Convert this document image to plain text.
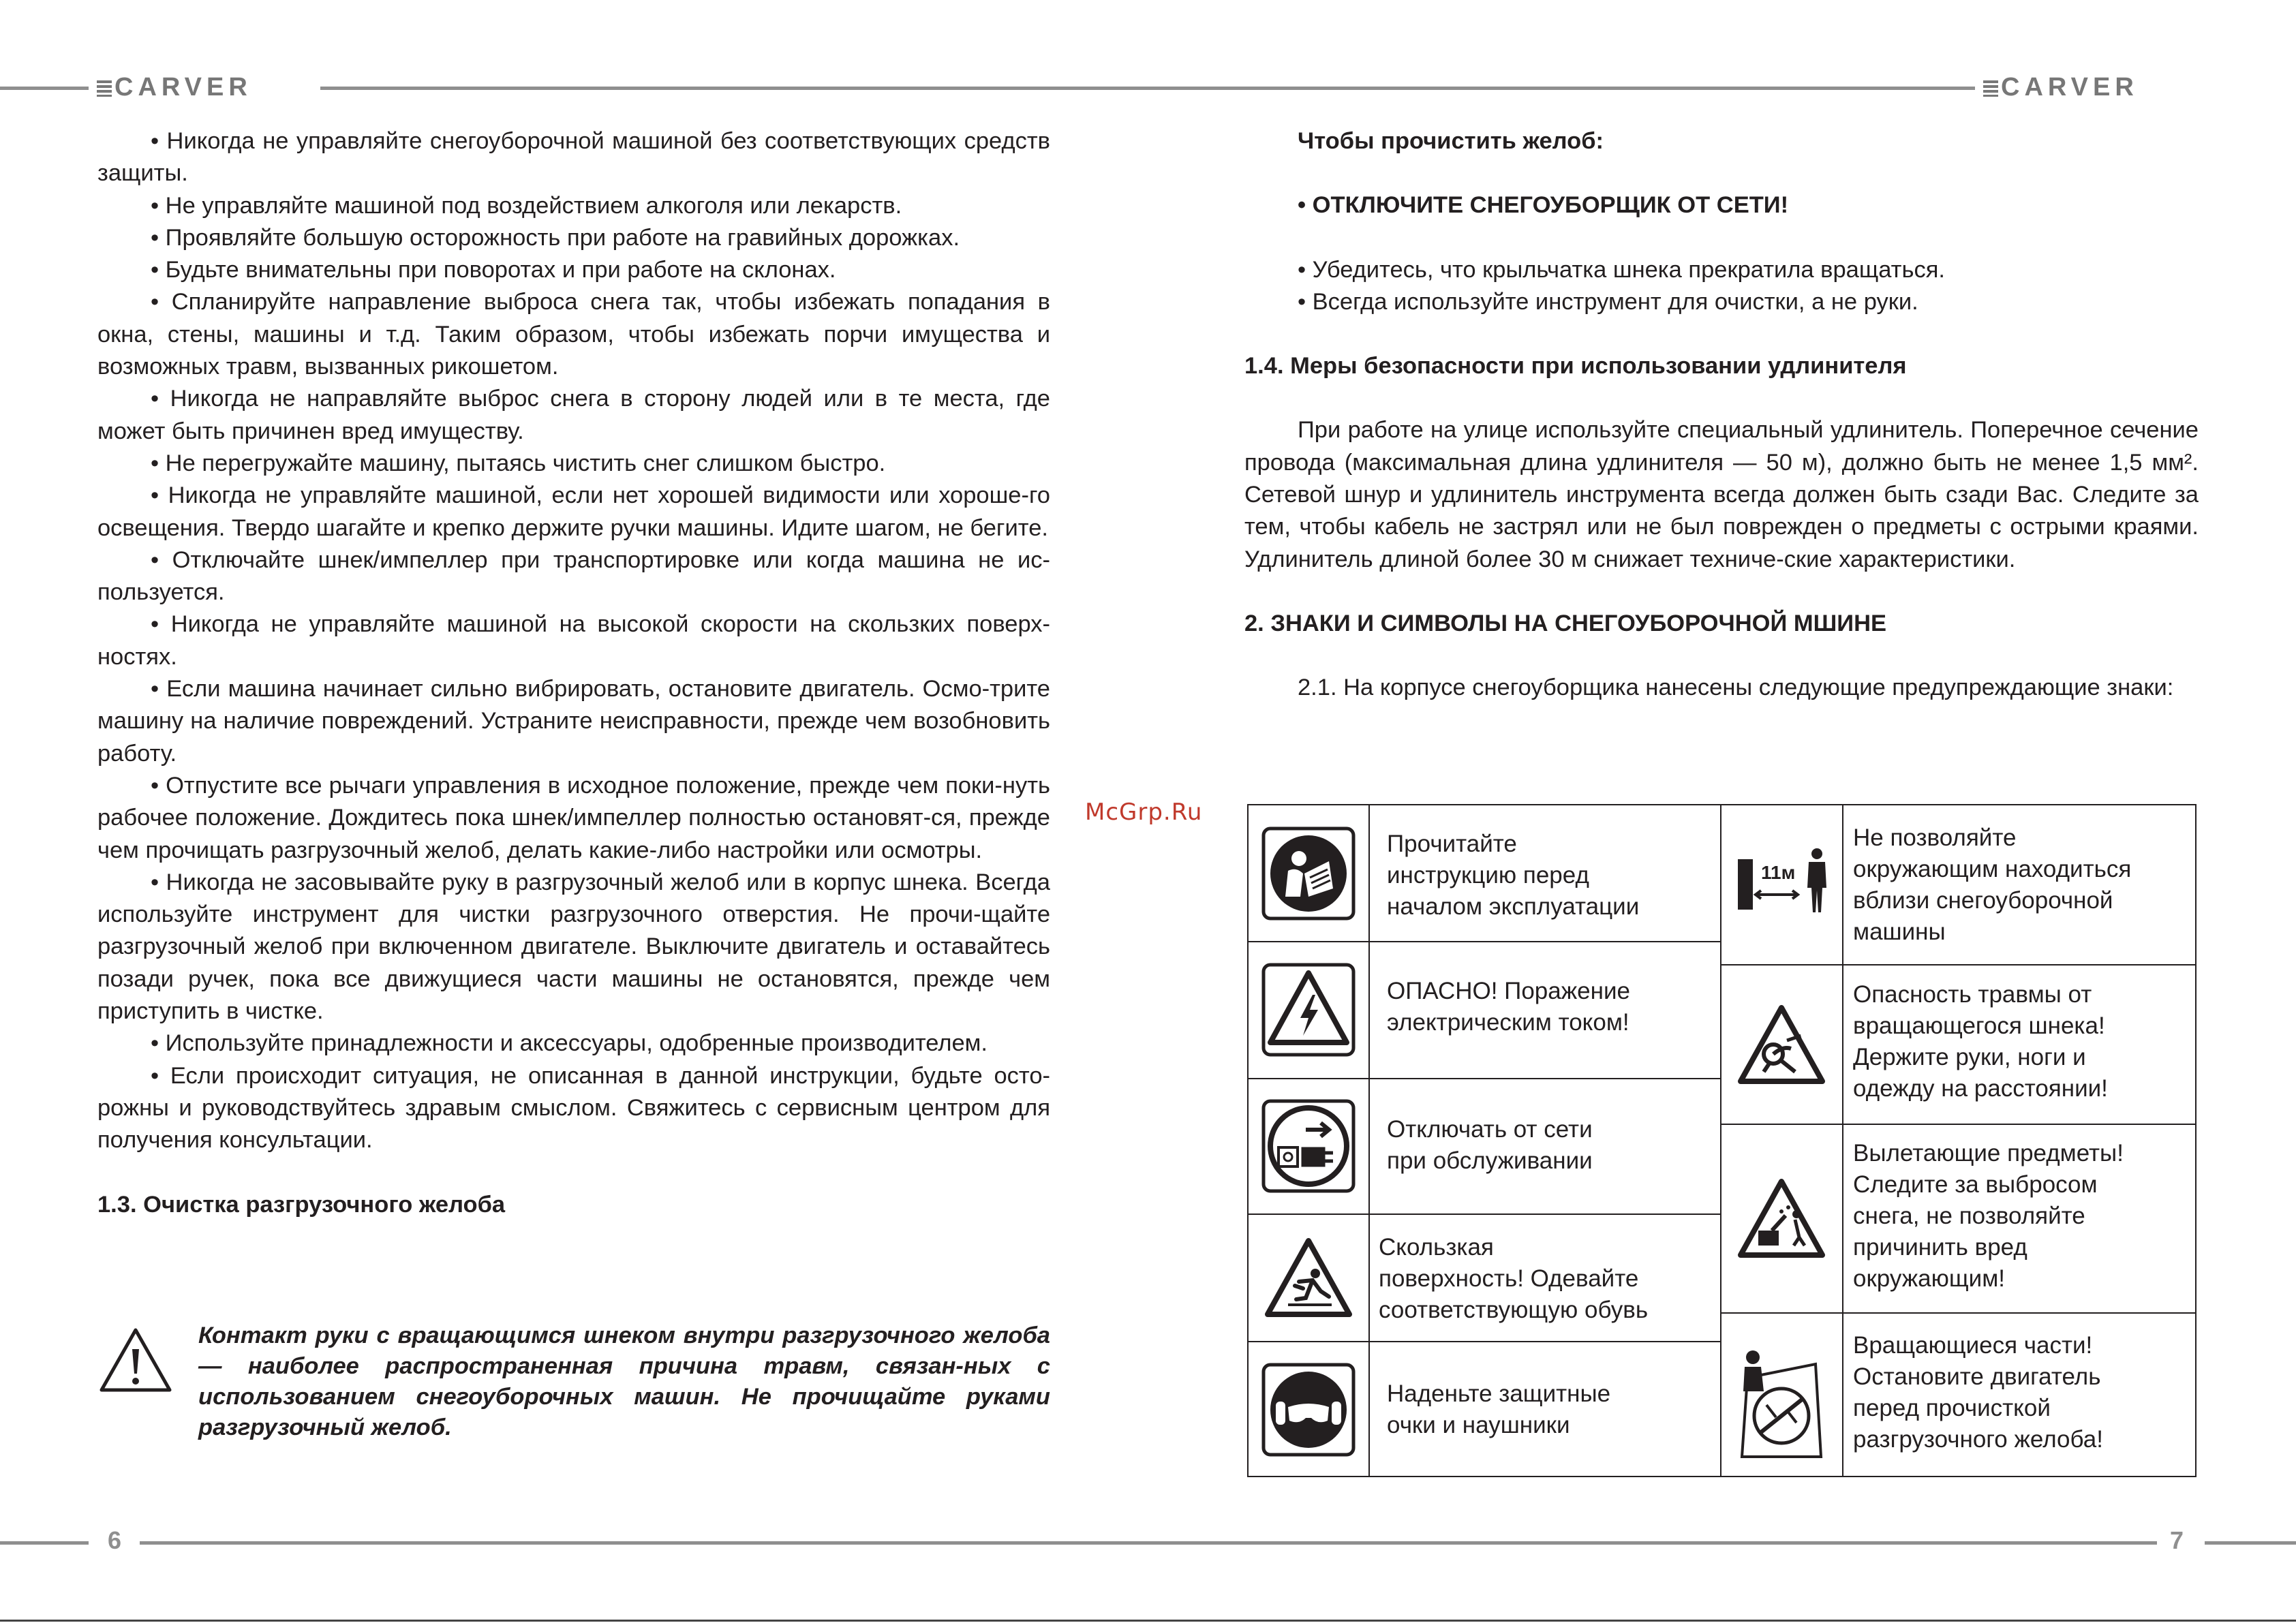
CARVER	CARVER
6	7

• Никогда не управляйте снегоуборочной машиной без соответствующих средств защиты.

• Не управляйте машиной под воздействием алкоголя или лекарств.

• Проявляйте большую осторожность при работе на гравийных дорожках.

• Будьте внимательны при поворотах и при работе на склонах.

• Спланируйте направление выброса снега так, чтобы избежать попадания в окна, стены, машины и т.д. Таким образом, чтобы избежать порчи имущества и возможных травм, вызванных рикошетом.

• Никогда не направляйте выброс снега в сторону людей или в те места, где может быть причинен вред имуществу.

• Не перегружайте машину, пытаясь чистить снег слишком быстро.

• Никогда не управляйте машиной, если нет хорошей видимости или хороше-го освещения. Твердо шагайте и крепко держите ручки машины. Идите шагом, не бегите.

• Отключайте шнек/импеллер при транспортировке или когда машина не ис-пользуется.

• Никогда не управляйте машиной на высокой скорости на скользких поверх-ностях.

• Если машина начинает сильно вибрировать, остановите двигатель. Осмо-трите машину на наличие повреждений. Устраните неисправности, прежде чем возобновить работу.

• Отпустите все рычаги управления в исходное положение, прежде чем поки-нуть рабочее положение. Дождитесь пока шнек/импеллер полностью остановят-ся, прежде чем прочищать разгрузочный желоб, делать какие-либо настройки или осмотры.

• Никогда не засовывайте руку в разгрузочный желоб или в корпус шнека. Всегда используйте инструмент для чистки разгрузочного отверстия. Не прочи-щайте разгрузочный желоб при включенном двигателе. Выключите двигатель и оставайтесь позади ручек, пока все движущиеся части машины не остановятся, прежде чем приступить в чистке.

• Используйте принадлежности и аксессуары, одобренные производителем.

• Если происходит ситуация, не описанная в данной инструкции, будьте осто-рожны и руководствуйтесь здравым смыслом. Свяжитесь с сервисным центром для получения консультации.

1.3. Очистка разгрузочного желоба

Контакт руки с вращающимся шнеком внутри разгрузочного желоба — наиболее распространенная причина травм, связан-ных с использованием снегоуборочных машин. Не прочищайте руками разгрузочный желоб.
McGrp.Ru

Чтобы прочистить желоб:

• ОТКЛЮЧИТЕ СНЕГОУБОРЩИК ОТ СЕТИ!

• Убедитесь, что крыльчатка шнека прекратила вращаться.

• Всегда используйте инструмент для очистки, а не руки.

1.4. Меры безопасности при использовании удлинителя

При работе на улице используйте специальный удлинитель. Поперечное сечение провода (максимальная длина удлинителя — 50 м), должно быть не менее 1,5 мм². Сетевой шнур и удлинитель инструмента всегда должен быть сзади Вас. Следите за тем, чтобы кабель не застрял или не был поврежден о предметы с острыми краями. Удлинитель длиной более 30 м снижает техниче-ские характеристики.

2. ЗНАКИ И СИМВОЛЫ НА СНЕГОУБОРОЧНОЙ МШИНЕ

2.1. На корпусе снегоуборщика нанесены следующие предупреждающие знаки:

Прочитайте
инструкцию перед
началом эксплуатации
ОПАСНО! Поражение
электрическим током!
Отключать от сети
при обслуживании
Скользкая
поверхность! Одевайте
соответствующую обувь
Наденьте защитные
очки и наушники
11м
Не позволяйте
окружающим находиться
вблизи снегоуборочной
машины
Опасность травмы от
вращающегося шнека!
Держите руки, ноги и
одежду на расстоянии!
Вылетающие предметы!
Следите за выбросом
снега, не позволяйте
причинить вред
окружающим!
Вращающиеся части!
Остановите двигатель
перед прочисткой
разгрузочного желоба!
